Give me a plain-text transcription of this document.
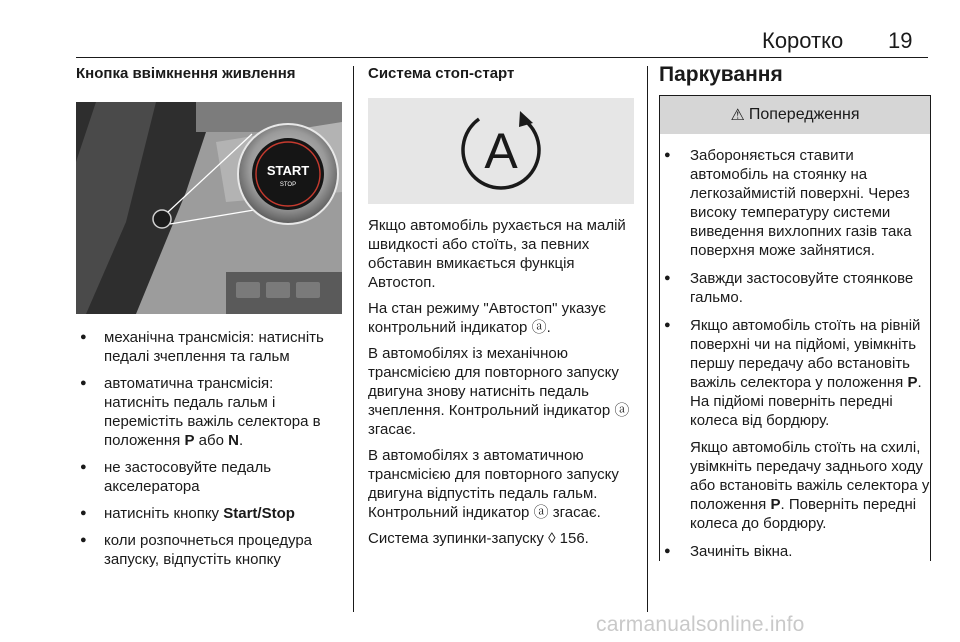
Коротко 19
Кнопка ввімкнення живлення
START
STOP
● механічна трансмісія: натисніть педалі зчеплення та гальм
● автоматична трансмісія: натисніть педаль гальм і перемістіть важіль селектора в положення P або N.
● не застосовуйте педаль акселератора
● натисніть кнопку Start/Stop
● коли розпочнеться процедура запуску, відпустіть кнопку
Система стоп-старт
A

Якщо автомобіль рухається на малій швидкості або стоїть, за певних обставин вмикається функція Автостоп.

На стан режиму "Автостоп" указує контрольний індикатор ⓐ.

В автомобілях із механічною трансмісією для повторного запуску двигуна знову натисніть педаль зчеплення. Контрольний індикатор ⓐ згасає.

В автомобілях з автоматичною трансмісією для повторного запуску двигуна відпустіть педаль гальм. Контрольний індикатор ⓐ згасає.

Система зупинки-запуску ◊ 156.

Паркування
⚠ Попередження
● Забороняється ставити автомобіль на стоянку на легкозаймистій поверхні. Через високу температуру системи виведення вихлопних газів така поверхня може зайнятися.
● Завжди застосовуйте стоянкове гальмо.
● Якщо автомобіль стоїть на рівній поверхні чи на підйомі, увімкніть першу передачу або встановіть важіль селектора у положення P. На підйомі поверніть передні колеса від бордюру.
Якщо автомобіль стоїть на схилі, увімкніть передачу заднього ходу або встановіть важіль селектора у положення P. Поверніть передні колеса до бордюру.
● Зачиніть вікна.
carmanualsonline.info
